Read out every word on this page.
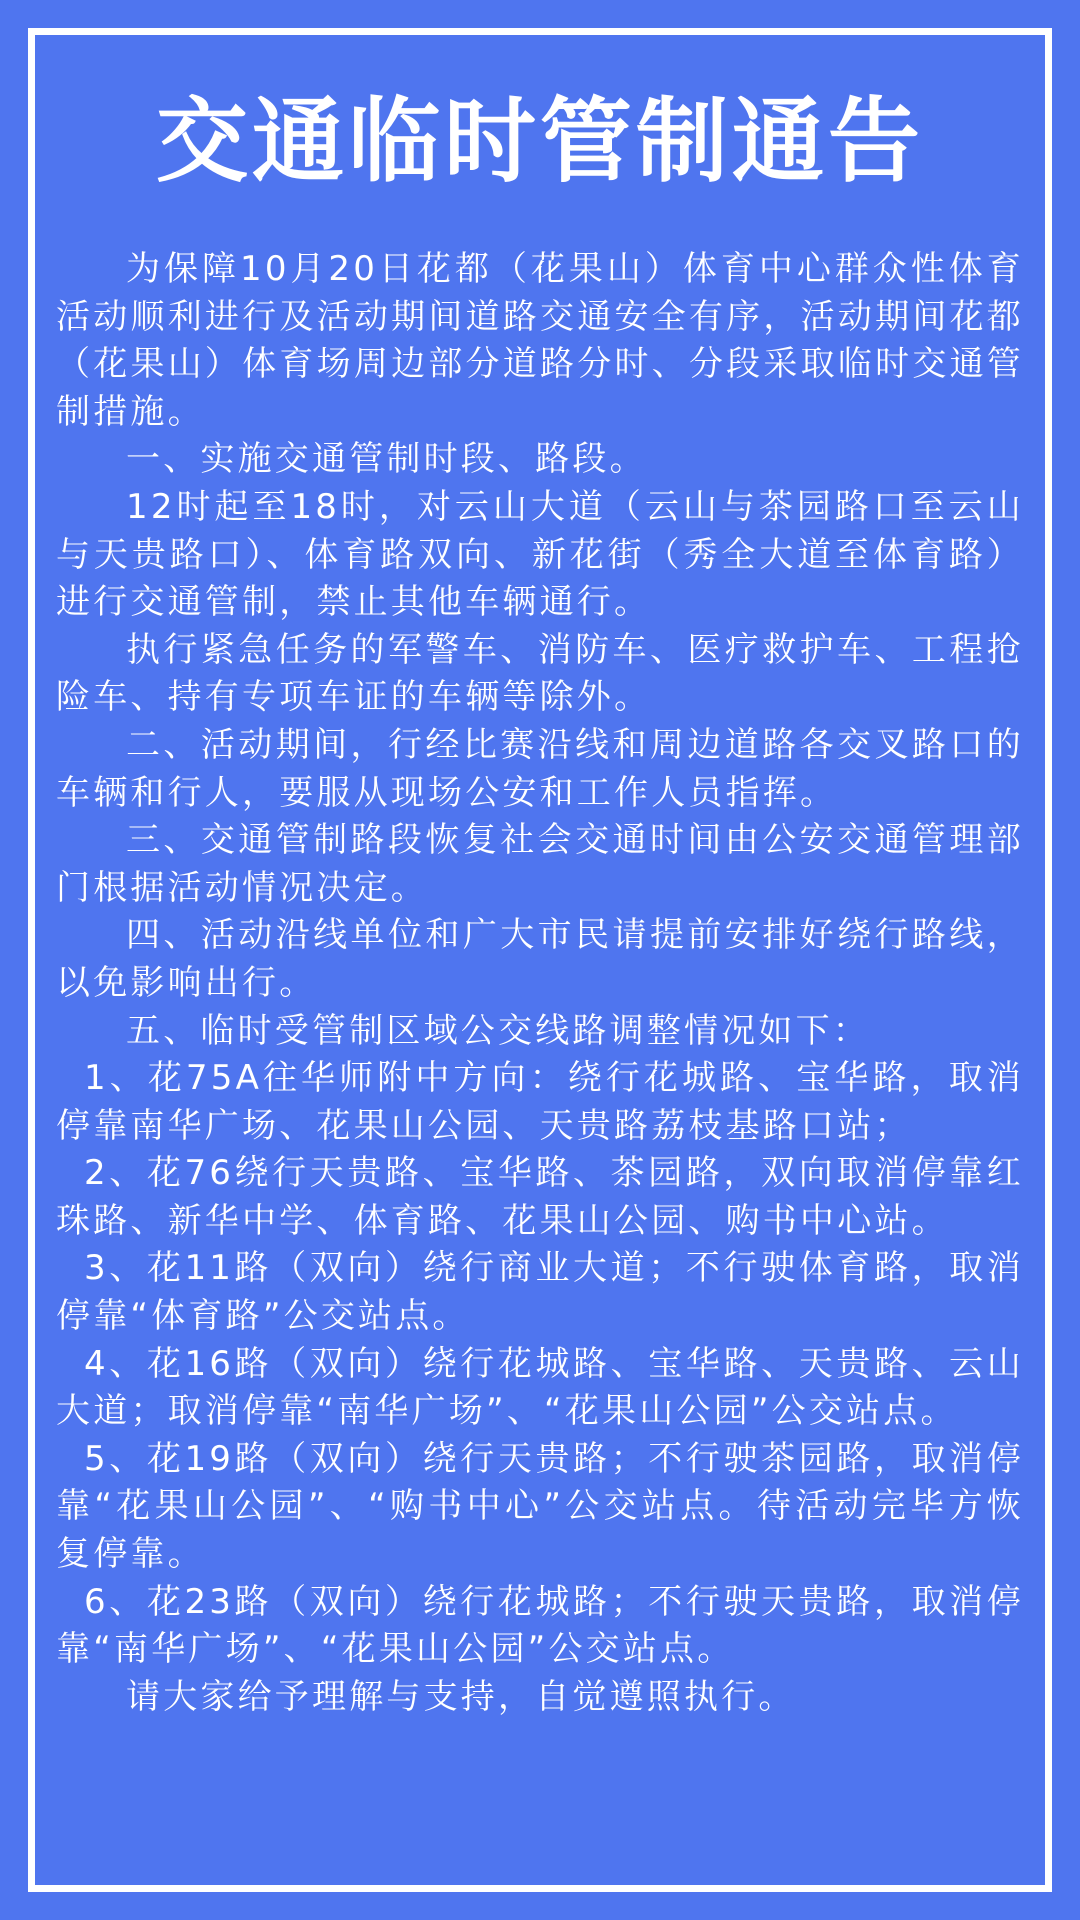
交通临时管制通告

为保障10月20日花都（花果山）体育中心群众性体育活动顺利进行及活动期间道路交通安全有序，活动期间花都（花果山）体育场周边部分道路分时、分段采取临时交通管制措施。

一、实施交通管制时段、路段。

12时起至18时，对云山大道（云山与茶园路口至云山与天贵路口）、体育路双向、新花街（秀全大道至体育路）进行交通管制，禁止其他车辆通行。

执行紧急任务的军警车、消防车、医疗救护车、工程抢险车、持有专项车证的车辆等除外。

二、活动期间，行经比赛沿线和周边道路各交叉路口的车辆和行人，要服从现场公安和工作人员指挥。

三、交通管制路段恢复社会交通时间由公安交通管理部门根据活动情况决定。

四、活动沿线单位和广大市民请提前安排好绕行路线，以免影响出行。

五、临时受管制区域公交线路调整情况如下：

1、花75A往华师附中方向：绕行花城路、宝华路，取消停靠南华广场、花果山公园、天贵路荔枝基路口站；

2、花76绕行天贵路、宝华路、茶园路，双向取消停靠红珠路、新华中学、体育路、花果山公园、购书中心站。

3、花11路（双向）绕行商业大道；不行驶体育路，取消停靠“体育路”公交站点。

4、花16路（双向）绕行花城路、宝华路、天贵路、云山大道；取消停靠“南华广场”、“花果山公园”公交站点。

5、花19路（双向）绕行天贵路；不行驶茶园路，取消停靠“花果山公园”、“购书中心”公交站点。待活动完毕方恢复停靠。

6、花23路（双向）绕行花城路；不行驶天贵路，取消停靠“南华广场”、“花果山公园”公交站点。

请大家给予理解与支持，自觉遵照执行。
